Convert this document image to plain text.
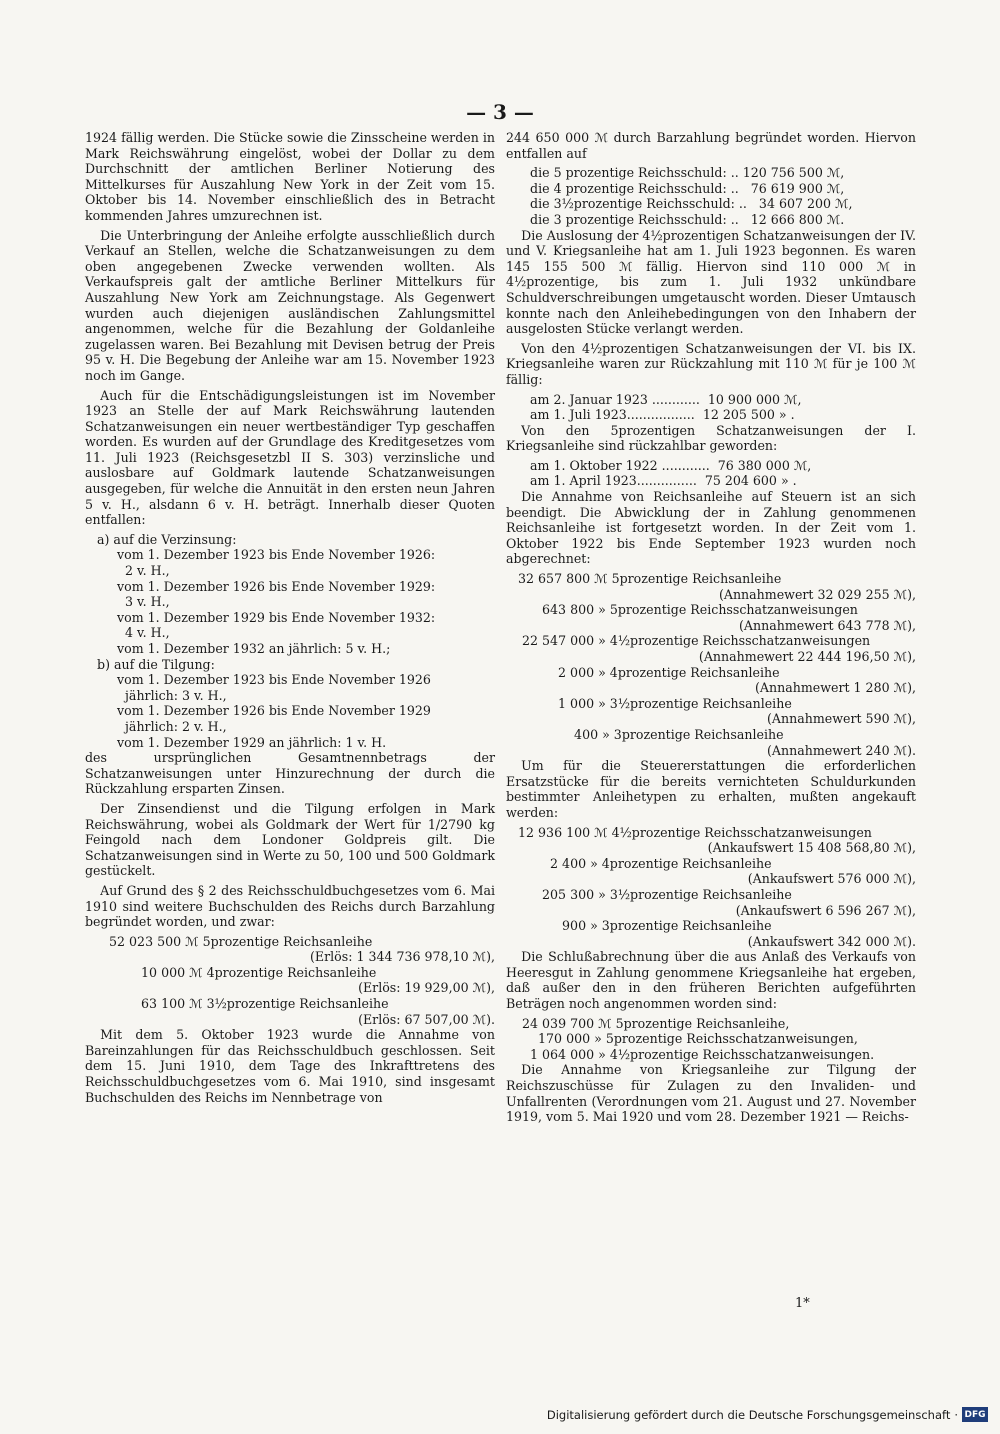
— 3 —

1924 fällig werden. Die Stücke sowie die Zinsscheine werden in Mark Reichswährung eingelöst, wobei der Dollar zu dem Durchschnitt der amtlichen Berliner Notierung des Mittelkurses für Auszahlung New York in der Zeit vom 15. Oktober bis 14. November einschließlich des in Betracht kommenden Jahres umzurechnen ist.

Die Unterbringung der Anleihe erfolgte ausschließlich durch Verkauf an Stellen, welche die Schatzanweisungen zu dem oben angegebenen Zwecke verwenden wollten. Als Verkaufspreis galt der amtliche Berliner Mittelkurs für Auszahlung New York am Zeichnungstage. Als Gegenwert wurden auch diejenigen ausländischen Zahlungsmittel angenommen, welche für die Bezahlung der Goldanleihe zugelassen waren. Bei Bezahlung mit Devisen betrug der Preis 95 v. H. Die Begebung der Anleihe war am 15. November 1923 noch im Gange.

Auch für die Entschädigungsleistungen ist im November 1923 an Stelle der auf Mark Reichswährung lautenden Schatzanweisungen ein neuer wertbeständiger Typ geschaffen worden. Es wurden auf der Grundlage des Kreditgesetzes vom 11. Juli 1923 (Reichsgesetzbl II S. 303) verzinsliche und auslosbare auf Goldmark lautende Schatzanweisungen ausgegeben, für welche die Annuität in den ersten neun Jahren 5 v. H., alsdann 6 v. H. beträgt. Innerhalb dieser Quoten entfallen:

a) auf die Verzinsung:
vom 1. Dezember 1923 bis Ende November 1926:
2 v. H.,
vom 1. Dezember 1926 bis Ende November 1929:
3 v. H.,
vom 1. Dezember 1929 bis Ende November 1932:
4 v. H.,
vom 1. Dezember 1932 an jährlich: 5 v. H.;
b) auf die Tilgung:
vom 1. Dezember 1923 bis Ende November 1926
jährlich: 3 v. H.,
vom 1. Dezember 1926 bis Ende November 1929
jährlich: 2 v. H.,
vom 1. Dezember 1929 an jährlich: 1 v. H.

des ursprünglichen Gesamtnennbetrags der Schatzanweisungen unter Hinzurechnung der durch die Rückzahlung ersparten Zinsen.

Der Zinsendienst und die Tilgung erfolgen in Mark Reichswährung, wobei als Goldmark der Wert für 1/2790 kg Feingold nach dem Londoner Goldpreis gilt. Die Schatzanweisungen sind in Werte zu 50, 100 und 500 Goldmark gestückelt.

Auf Grund des § 2 des Reichsschuldbuchgesetzes vom 6. Mai 1910 sind weitere Buchschulden des Reichs durch Barzahlung begründet worden, und zwar:

52 023 500 ℳ 5prozentige Reichsanleihe
(Erlös: 1 344 736 978,10 ℳ),
10 000 ℳ 4prozentige Reichsanleihe
(Erlös: 19 929,00 ℳ),
63 100 ℳ 3½prozentige Reichsanleihe
(Erlös: 67 507,00 ℳ).

Mit dem 5. Oktober 1923 wurde die Annahme von Bareinzahlungen für das Reichsschuldbuch geschlossen. Seit dem 15. Juni 1910, dem Tage des Inkrafttretens des Reichsschuldbuchgesetzes vom 6. Mai 1910, sind insgesamt Buchschulden des Reichs im Nennbetrage von

244 650 000 ℳ durch Barzahlung begründet worden. Hiervon entfallen auf

die 5 prozentige Reichsschuld: .. 120 756 500 ℳ,
die 4 prozentige Reichsschuld: ..   76 619 900 ℳ,
die 3½prozentige Reichsschuld: ..   34 607 200 ℳ,
die 3 prozentige Reichsschuld: ..   12 666 800 ℳ.

Die Auslosung der 4½prozentigen Schatzanweisungen der IV. und V. Kriegsanleihe hat am 1. Juli 1923 begonnen. Es waren 145 155 500 ℳ fällig. Hiervon sind 110 000 ℳ in 4½prozentige, bis zum 1. Juli 1932 unkündbare Schuldverschreibungen umgetauscht worden. Dieser Umtausch konnte nach den Anleihebedingungen von den Inhabern der ausgelosten Stücke verlangt werden.

Von den 4½prozentigen Schatzanweisungen der VI. bis IX. Kriegsanleihe waren zur Rückzahlung mit 110 ℳ für je 100 ℳ fällig:

am 2. Januar 1923 ............  10 900 000 ℳ,
am 1. Juli 1923.................  12 205 500 » .

Von den 5prozentigen Schatzanweisungen der I. Kriegsanleihe sind rückzahlbar geworden:

am 1. Oktober 1922 ............  76 380 000 ℳ,
am 1. April 1923...............  75 204 600 » .

Die Annahme von Reichsanleihe auf Steuern ist an sich beendigt. Die Abwicklung der in Zahlung genommenen Reichsanleihe ist fortgesetzt worden. In der Zeit vom 1. Oktober 1922 bis Ende September 1923 wurden noch abgerechnet:

32 657 800 ℳ 5prozentige Reichsanleihe
(Annahmewert 32 029 255 ℳ),
643 800 » 5prozentige Reichsschatzanweisungen
(Annahmewert 643 778 ℳ),
22 547 000 » 4½prozentige Reichsschatzanweisungen
(Annahmewert 22 444 196,50 ℳ),
2 000 » 4prozentige Reichsanleihe
(Annahmewert 1 280 ℳ),
1 000 » 3½prozentige Reichsanleihe
(Annahmewert 590 ℳ),
400 » 3prozentige Reichsanleihe
(Annahmewert 240 ℳ).

Um für die Steuererstattungen die erforderlichen Ersatzstücke für die bereits vernichteten Schuldurkunden bestimmter Anleihetypen zu erhalten, mußten angekauft werden:

12 936 100 ℳ 4½prozentige Reichsschatzanweisungen
(Ankaufswert 15 408 568,80 ℳ),
2 400 » 4prozentige Reichsanleihe
(Ankaufswert 576 000 ℳ),
205 300 » 3½prozentige Reichsanleihe
(Ankaufswert 6 596 267 ℳ),
900 » 3prozentige Reichsanleihe
(Ankaufswert 342 000 ℳ).

Die Schlußabrechnung über die aus Anlaß des Verkaufs von Heeresgut in Zahlung genommene Kriegsanleihe hat ergeben, daß außer den in den früheren Berichten aufgeführten Beträgen noch angenommen worden sind:

24 039 700 ℳ 5prozentige Reichsanleihe,
170 000 » 5prozentige Reichsschatzanweisungen,
1 064 000 » 4½prozentige Reichsschatzanweisungen.

Die Annahme von Kriegsanleihe zur Tilgung der Reichszuschüsse für Zulagen zu den Invaliden- und Unfallrenten (Verordnungen vom 21. August und 27. November 1919, vom 5. Mai 1920 und vom 28. Dezember 1921 — Reichs-

1*
Digitalisierung gefördert durch die Deutsche Forschungsgemeinschaft · DFG
